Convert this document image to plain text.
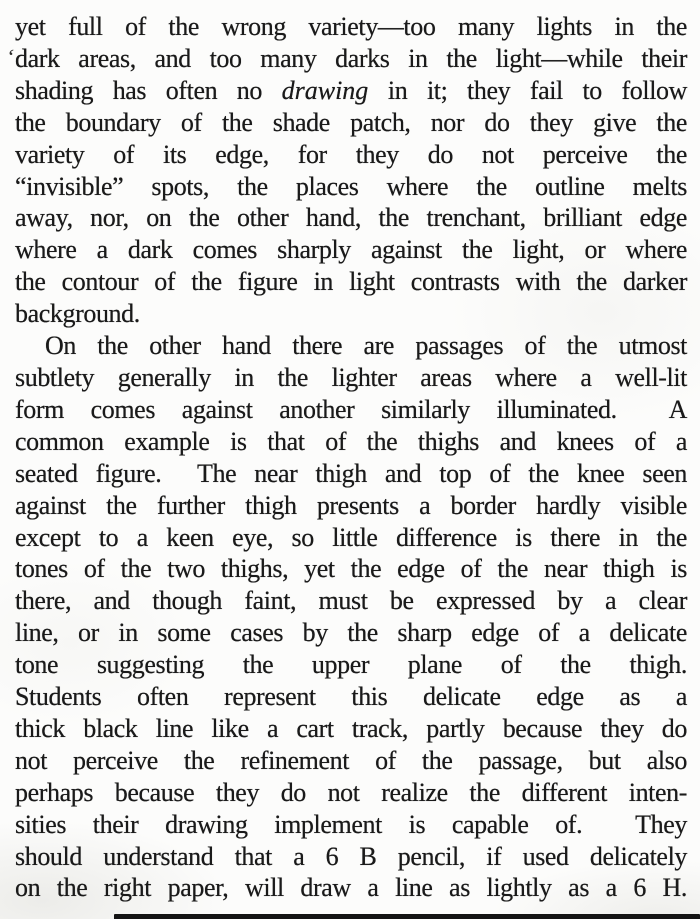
‘
yet full of the wrong variety—too many lights in the
dark areas, and too many darks in the light—while their
shading has often no drawing in it; they fail to follow
the boundary of the shade patch, nor do they give the
variety of its edge, for they do not perceive the
“invisible” spots, the places where the outline melts
away, nor, on the other hand, the trenchant, brilliant edge
where a dark comes sharply against the light, or where
the contour of the figure in light contrasts with the darker
background.
On the other hand there are passages of the utmost
subtlety generally in the lighter areas where a well-lit
form comes against another similarly illuminated.  A
common example is that of the thighs and knees of a
seated figure.  The near thigh and top of the knee seen
against the further thigh presents a border hardly visible
except to a keen eye, so little difference is there in the
tones of the two thighs, yet the edge of the near thigh is
there, and though faint, must be expressed by a clear
line, or in some cases by the sharp edge of a delicate
tone suggesting the upper plane of the thigh.
Students often represent this delicate edge as a
thick black line like a cart track, partly because they do
not perceive the refinement of the passage, but also
perhaps because they do not realize the different inten-
sities their drawing implement is capable of.  They
should understand that a 6 B pencil, if used delicately
on the right paper, will draw a line as lightly as a 6 H.
